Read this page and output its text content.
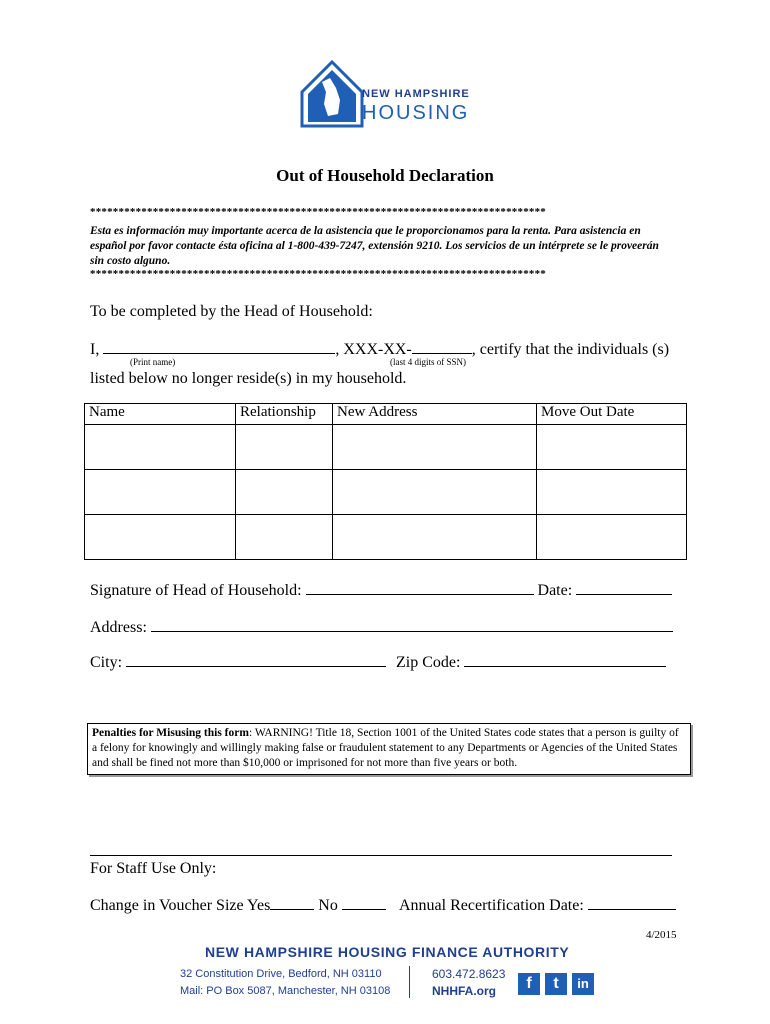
NEW HAMPSHIRE
HOUSING
Out of Household Declaration
********************************************************************************
Esta es información muy importante acerca de la asistencia que le proporcionamos para la renta. Para asistencia en español por favor contacte ésta oficina al 1-800-439-7247, extensión 9210. Los servicios de un intérprete se le proveerán sin costo alguno.
********************************************************************************
To be completed by the Head of Household:
I,	, XXX-XX-	, certify that the individuals (s)
(Print name)	(last 4 digits of SSN)
listed below no longer reside(s) in my household.
Name	Relationship	New Address	Move Out Date

Signature of Head of Household:	Date:
Address:
City:	Zip Code:
Penalties for Misusing this form: WARNING! Title 18, Section 1001 of the United States code states that a person is guilty of a felony for knowingly and willingly making false or fraudulent statement to any Departments or Agencies of the United States and shall be fined not more than $10,000 or imprisoned for not more than five years or both.
For Staff Use Only:
Change in Voucher Size Yes	No	Annual Recertification Date:
4/2015
NEW HAMPSHIRE HOUSING FINANCE AUTHORITY
32 Constitution Drive, Bedford, NH 03110
Mail: PO Box 5087, Manchester, NH 03108
603.472.8623
NHHFA.org	f	t	in
